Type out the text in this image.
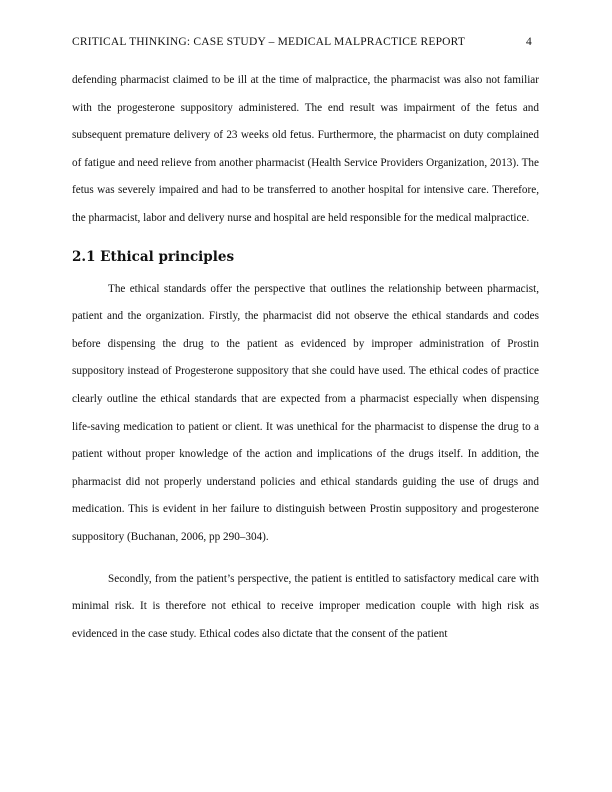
CRITICAL THINKING: CASE STUDY – MEDICAL MALPRACTICE REPORT	4

defending pharmacist claimed to be ill at the time of malpractice, the pharmacist was also not familiar with the progesterone suppository administered. The end result was impairment of the fetus and subsequent premature delivery of 23 weeks old fetus. Furthermore, the pharmacist on duty complained of fatigue and need relieve from another pharmacist (Health Service Providers Organization, 2013). The fetus was severely impaired and had to be transferred to another hospital for intensive care. Therefore, the pharmacist, labor and delivery nurse and hospital are held responsible for the medical malpractice.

2.1 Ethical principles

The ethical standards offer the perspective that outlines the relationship between pharmacist, patient and the organization. Firstly, the pharmacist did not observe the ethical standards and codes before dispensing the drug to the patient as evidenced by improper administration of Prostin suppository instead of Progesterone suppository that she could have used. The ethical codes of practice clearly outline the ethical standards that are expected from a pharmacist especially when dispensing life-saving medication to patient or client. It was unethical for the pharmacist to dispense the drug to a patient without proper knowledge of the action and implications of the drugs itself. In addition, the pharmacist did not properly understand policies and ethical standards guiding the use of drugs and medication. This is evident in her failure to distinguish between Prostin suppository and progesterone suppository (Buchanan, 2006, pp 290–304).

Secondly, from the patient’s perspective, the patient is entitled to satisfactory medical care with minimal risk. It is therefore not ethical to receive improper medication couple with high risk as evidenced in the case study. Ethical codes also dictate that the consent of the patient
